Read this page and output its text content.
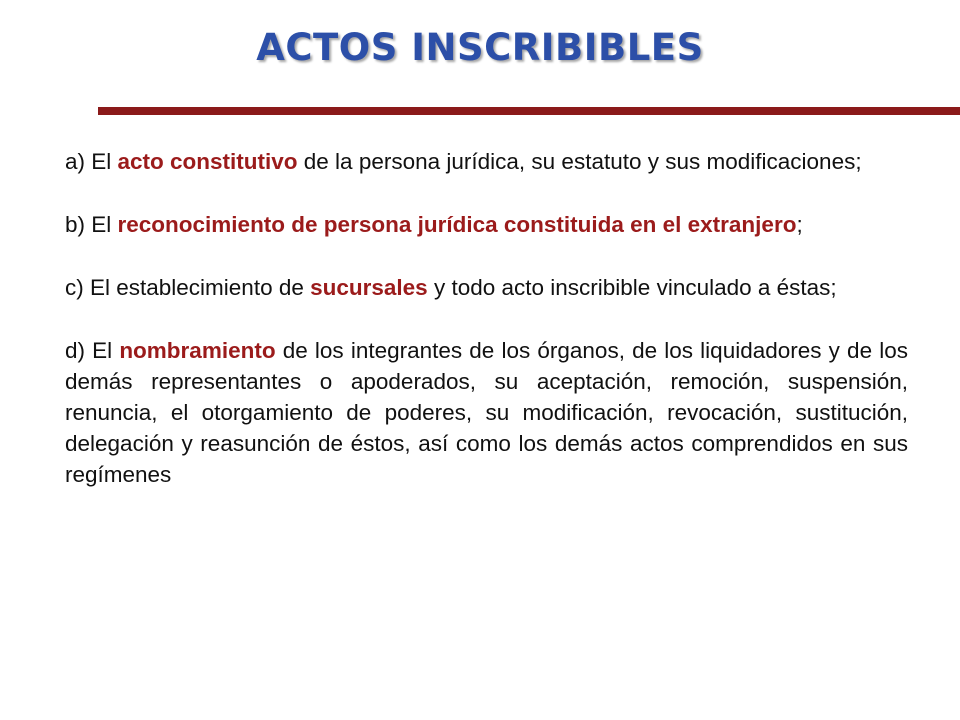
ACTOS INSCRIBIBLES

a) El acto constitutivo de la persona jurídica, su estatuto y sus modificaciones;

b) El reconocimiento de persona jurídica constituida en el extranjero;

c) El establecimiento de sucursales y todo acto inscribible vinculado a éstas;

d) El nombramiento de los integrantes de los órganos, de los liquidadores y de los demás representantes o apoderados, su aceptación, remoción, suspensión, renuncia, el otorgamiento de poderes, su modificación, revocación, sustitución, delegación y reasunción de éstos, así como los demás actos comprendidos en sus regímenes
